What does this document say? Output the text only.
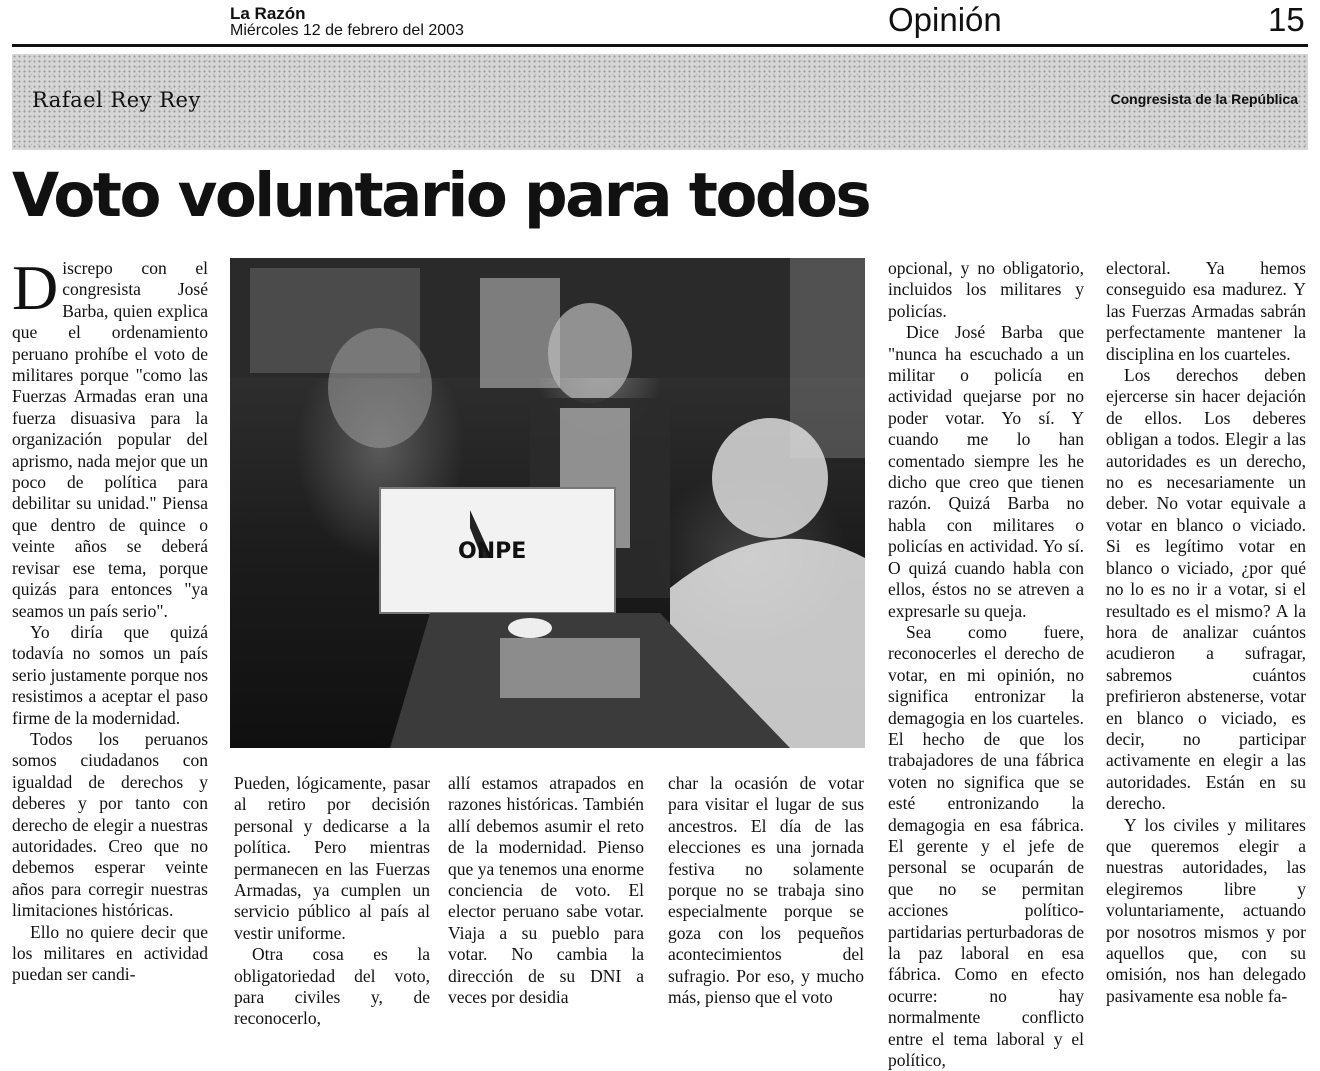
La Razón
Miércoles 12 de febrero del 2003	Opinión	15
Rafael Rey Rey	Congresista de la República
Voto voluntario para todos

Discrepo con el congresista José Barba, quien explica que el ordenamiento peruano prohíbe el voto de militares porque "como las Fuerzas Armadas eran una fuerza disuasiva para la organización popular del aprismo, nada mejor que un poco de política para debilitar su unidad." Piensa que dentro de quince o veinte años se deberá revisar ese tema, porque quizás para entonces "ya seamos un país serio".

Yo diría que quizá todavía no somos un país serio justamente porque nos resistimos a aceptar el paso firme de la modernidad.

Todos los peruanos somos ciudadanos con igualdad de derechos y deberes y por tanto con derecho de elegir a nuestras autoridades. Creo que no debemos esperar veinte años para corregir nuestras limitaciones históricas.

Ello no quiere decir que los militares en actividad puedan ser candi-

ONPE

Pueden, lógicamente, pasar al retiro por decisión personal y dedicarse a la política. Pero mientras permanecen en las Fuerzas Armadas, ya cumplen un servicio público al país al vestir uniforme.

Otra cosa es la obligatoriedad del voto, para civiles y, de reconocerlo,

allí estamos atrapados en razones históricas. También allí debemos asumir el reto de la modernidad. Pienso que ya tenemos una enorme conciencia de voto. El elector peruano sabe votar. Viaja a su pueblo para votar. No cambia la dirección de su DNI a veces por desidia

char la ocasión de votar para visitar el lugar de sus ancestros. El día de las elecciones es una jornada festiva no solamente porque no se trabaja sino especialmente porque se goza con los pequeños acontecimientos del sufragio. Por eso, y mucho más, pienso que el voto

opcional, y no obligatorio, incluidos los militares y policías.

Dice José Barba que "nunca ha escuchado a un militar o policía en actividad quejarse por no poder votar. Yo sí. Y cuando me lo han comentado siempre les he dicho que creo que tienen razón. Quizá Barba no habla con militares o policías en actividad. Yo sí. O quizá cuando habla con ellos, éstos no se atreven a expresarle su queja.

Sea como fuere, reconocerles el derecho de votar, en mi opinión, no significa entronizar la demagogia en los cuarteles. El hecho de que los trabajadores de una fábrica voten no significa que se esté entronizando la demagogia en esa fábrica. El gerente y el jefe de personal se ocuparán de que no se permitan acciones político-partidarias perturbadoras de la paz laboral en esa fábrica. Como en efecto ocurre: no hay normalmente conflicto entre el tema laboral y el político,

electoral. Ya hemos conseguido esa madurez. Y las Fuerzas Armadas sabrán perfectamente mantener la disciplina en los cuarteles.

Los derechos deben ejercerse sin hacer dejación de ellos. Los deberes obligan a todos. Elegir a las autoridades es un derecho, no es necesariamente un deber. No votar equivale a votar en blanco o viciado. Si es legítimo votar en blanco o viciado, ¿por qué no lo es no ir a votar, si el resultado es el mismo? A la hora de analizar cuántos acudieron a sufragar, sabremos cuántos prefirieron abstenerse, votar en blanco o viciado, es decir, no participar activamente en elegir a las autoridades. Están en su derecho.

Y los civiles y militares que queremos elegir a nuestras autoridades, las elegiremos libre y voluntariamente, actuando por nosotros mismos y por aquellos que, con su omisión, nos han delegado pasivamente esa noble fa-
